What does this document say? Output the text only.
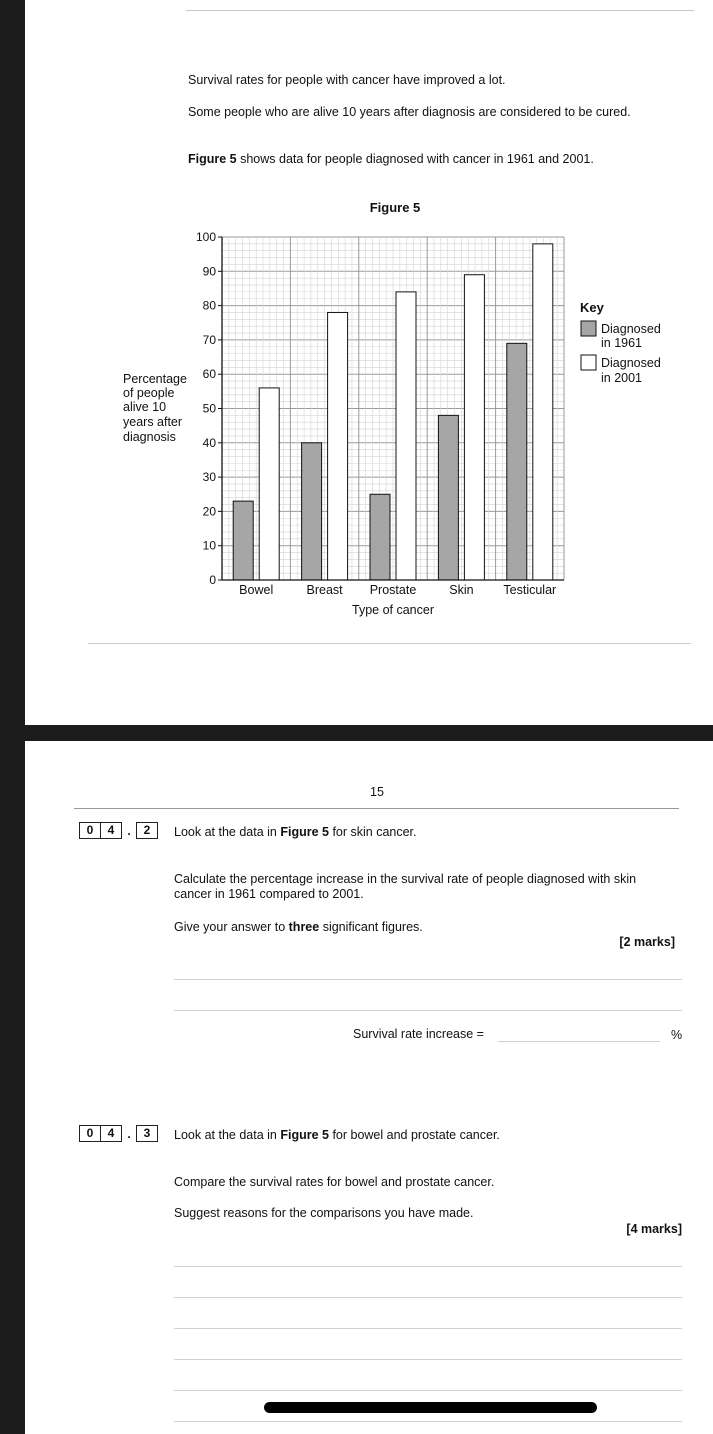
Survival rates for people with cancer have improved a lot.
Some people who are alive 10 years after diagnosis are considered to be cured.
Figure 5 shows data for people diagnosed with cancer in 1961 and 2001.
Figure 5
0
10
20
30
40
50
60
70
80
90
100
Bowel	Breast Prostate	Skin Testicular
Type of cancer
Percentage of people alive 10 years after diagnosis
Key
Diagnosed in 1961
Diagnosed in 2001
15
0	4	.	2	Look at the data in Figure 5 for skin cancer.
Calculate the percentage increase in the survival rate of people diagnosed with skin
cancer in 1961 compared to 2001.
Give your answer to three significant figures.
[2 marks]
Survival rate increase =	%
0	4	.	3	Look at the data in Figure 5 for bowel and prostate cancer.
Compare the survival rates for bowel and prostate cancer.
Suggest reasons for the comparisons you have made.
[4 marks]
